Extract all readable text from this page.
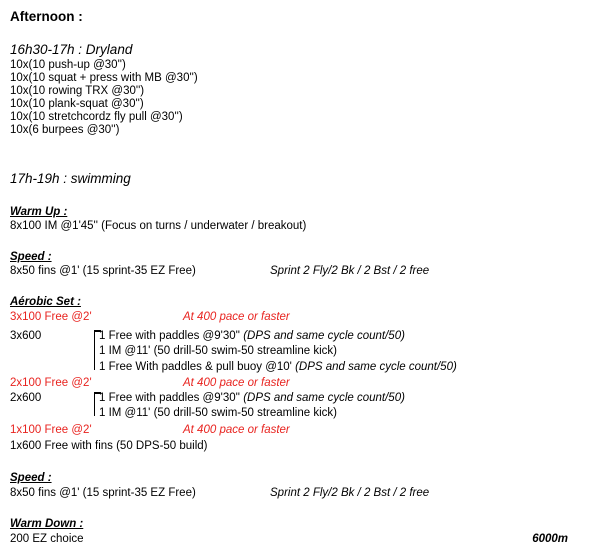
Afternoon :
16h30-17h : Dryland
10x(10 push-up @30'')
10x(10 squat + press with MB @30'')
10x(10 rowing TRX @30'')
10x(10 plank-squat @30'')
10x(10 stretchcordz fly pull @30'')
10x(6 burpees @30'')
17h-19h : swimming
Warm Up :
8x100 IM @1'45'' (Focus on turns / underwater / breakout)
Speed :
8x50 fins @1' (15 sprint-35 EZ Free)	Sprint 2 Fly/2 Bk / 2 Bst / 2 free
Aérobic Set :
3x100 Free @2'	At 400 pace or faster
3x600	1 Free with paddles @9'30'' (DPS and same cycle count/50)
1 IM @11' (50 drill-50 swim-50 streamline kick)
1 Free With paddles & pull buoy @10' (DPS and same cycle count/50)
2x100 Free @2'	At 400 pace or faster
2x600	1 Free with paddles @9'30'' (DPS and same cycle count/50)
1 IM @11' (50 drill-50 swim-50 streamline kick)
1x100 Free @2'	At 400 pace or faster
1x600 Free with fins (50 DPS-50 build)
Speed :
8x50 fins @1' (15 sprint-35 EZ Free)	Sprint 2 Fly/2 Bk / 2 Bst / 2 free
Warm Down :
200 EZ choice	6000m
